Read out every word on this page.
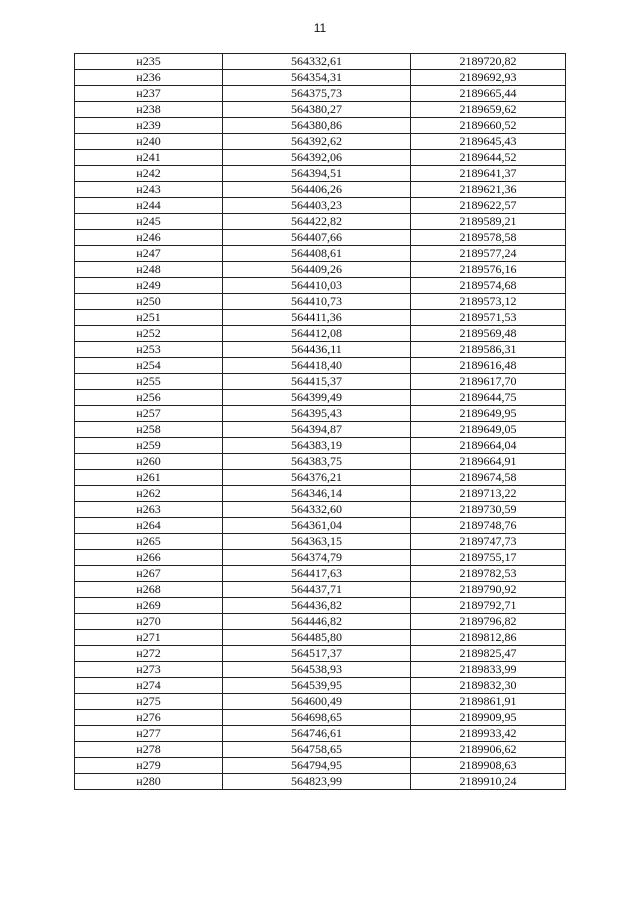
11
н235	564332,61	2189720,82
н236	564354,31	2189692,93
н237	564375,73	2189665,44
н238	564380,27	2189659,62
н239	564380,86	2189660,52
н240	564392,62	2189645,43
н241	564392,06	2189644,52
н242	564394,51	2189641,37
н243	564406,26	2189621,36
н244	564403,23	2189622,57
н245	564422,82	2189589,21
н246	564407,66	2189578,58
н247	564408,61	2189577,24
н248	564409,26	2189576,16
н249	564410,03	2189574,68
н250	564410,73	2189573,12
н251	564411,36	2189571,53
н252	564412,08	2189569,48
н253	564436,11	2189586,31
н254	564418,40	2189616,48
н255	564415,37	2189617,70
н256	564399,49	2189644,75
н257	564395,43	2189649,95
н258	564394,87	2189649,05
н259	564383,19	2189664,04
н260	564383,75	2189664,91
н261	564376,21	2189674,58
н262	564346,14	2189713,22
н263	564332,60	2189730,59
н264	564361,04	2189748,76
н265	564363,15	2189747,73
н266	564374,79	2189755,17
н267	564417,63	2189782,53
н268	564437,71	2189790,92
н269	564436,82	2189792,71
н270	564446,82	2189796,82
н271	564485,80	2189812,86
н272	564517,37	2189825,47
н273	564538,93	2189833,99
н274	564539,95	2189832,30
н275	564600,49	2189861,91
н276	564698,65	2189909,95
н277	564746,61	2189933,42
н278	564758,65	2189906,62
н279	564794,95	2189908,63
н280	564823,99	2189910,24
